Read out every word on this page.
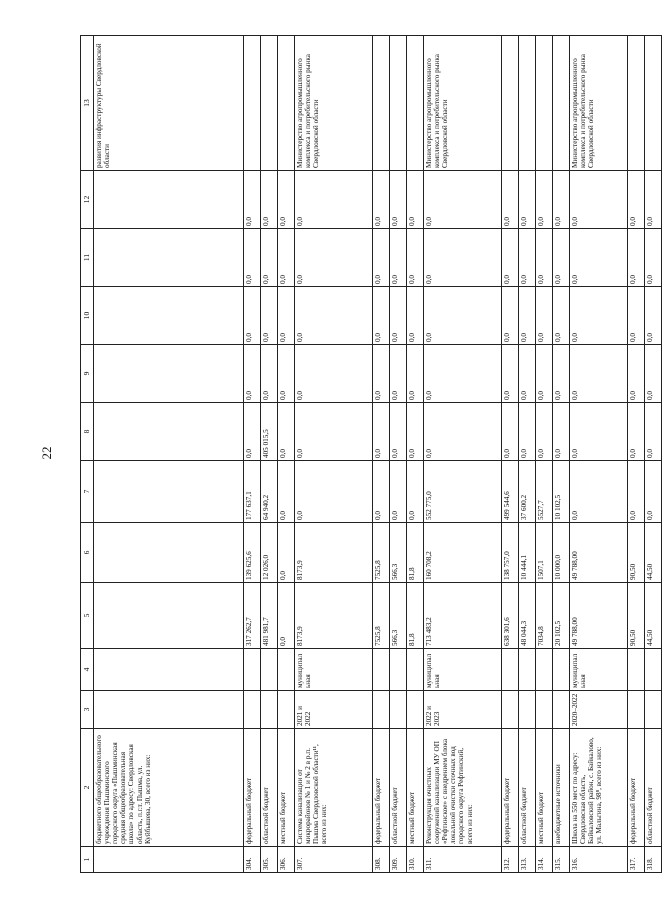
22
1	2	3	4	5	6	7	8	9	10	11	12	13
	бюджетного общеобразовательного учреждения Пышминского городского округа «Пышминская средняя общеобразовательная школа» по адресу: Свердловская область, п.г.т. Пышма, ул. Куйбышева, 30, всего из них:											развития инфраструктуры Свердловской области
304.	федеральный бюджет			317 262,7	139 625,6	177 637,1	0,0	0,0	0,0	0,0	0,0	
305.	областной бюджет			481 981,7	12 026,0	64 940,2	405 015,5	0,0	0,0	0,0	0,0	
306.	местный бюджет			0,0	0,0	0,0	0,0	0,0	0,0	0,0	0,0	
307.	Система канализации от микрорайонов № 1 и № 2 в р.п. Пышма Свердловской области¹¹, всего из них:	2021 и 2022	муниципальная	8173,9	8173,9	0,0	0,0	0,0	0,0	0,0	0,0	Министерство агропромышленного комплекса и потребительского рынка Свердловской области
308.	федеральный бюджет			7525,8	7525,8	0,0	0,0	0,0	0,0	0,0	0,0	
309.	областной бюджет			566,3	566,3	0,0	0,0	0,0	0,0	0,0	0,0	
310.	местный бюджет			81,8	81,8	0,0	0,0	0,0	0,0	0,0	0,0	
311.	Реконструкция очистных сооружений канализации МУ ОП «Рефтинское» с внедрением блока локальной очистки сточных вод городского округа Рефтинский, всего из них:	2022 и 2023	муниципальная	713 483,2	160 708,2	552 775,0	0,0	0,0	0,0	0,0	0,0	Министерство агропромышленного комплекса и потребительского рынка Свердловской области
312.	федеральный бюджет			638 301,6	138 757,0	499 544,6	0,0	0,0	0,0	0,0	0,0	
313.	областной бюджет			48 044,3	10 444,1	37 600,2	0,0	0,0	0,0	0,0	0,0	
314.	местный бюджет			7034,8	1507,1	5527,7	0,0	0,0	0,0	0,0	0,0	
315.	внебюджетные источники			20 102,5	10 000,0	10 102,5	0,0	0,0	0,0	0,0	0,0	
316.	Школа на 550 мест по адресу: Свердловская область, Байкаловский район, с. Байкалово, ул. Мальгина, 98⁸, всего из них:	2020–2022	муниципальная	49 788,00	49 788,00	0,0	0,0	0,0	0,0	0,0	0,0	Министерство агропромышленного комплекса и потребительского рынка Свердловской области
317.	федеральный бюджет			90,50	90,50	0,0	0,0	0,0	0,0	0,0	0,0	
318.	областной бюджет			44,50	44,50	0,0	0,0	0,0	0,0	0,0	0,0	
